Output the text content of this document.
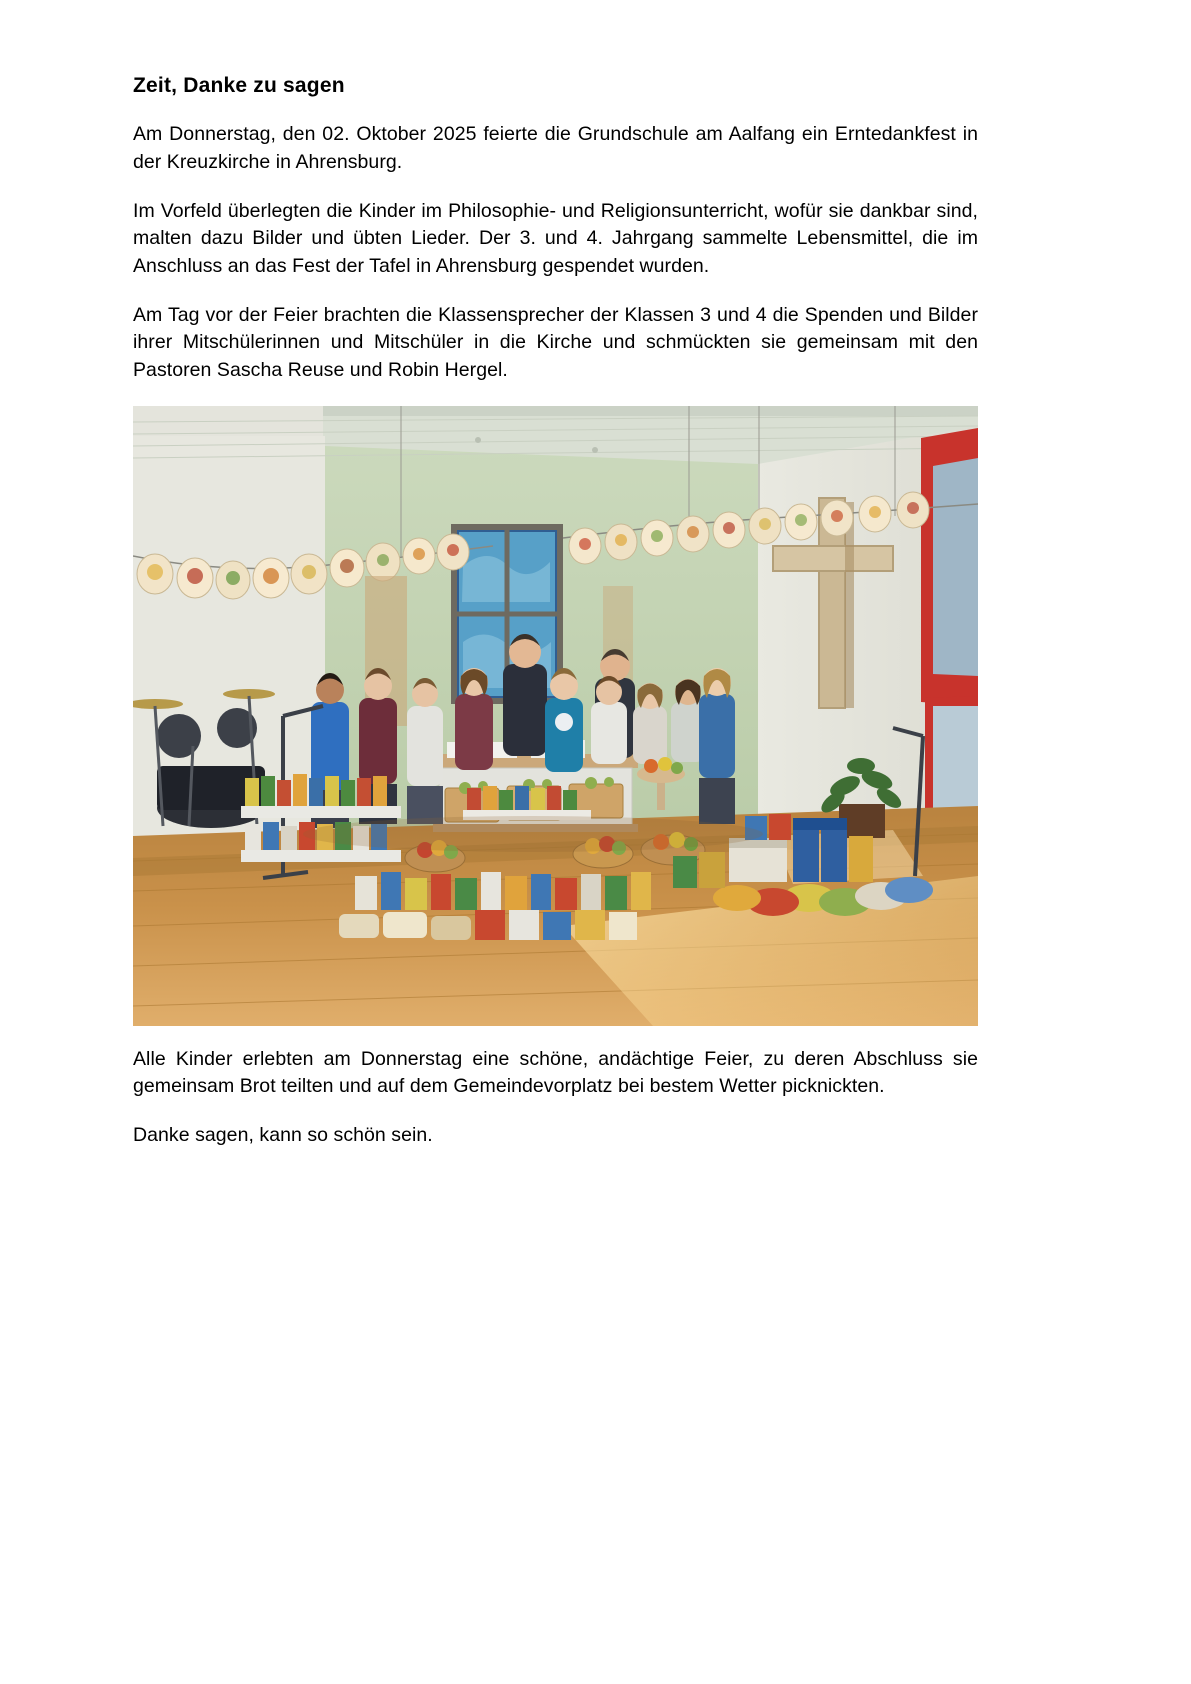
Zeit, Danke zu sagen

Am Donnerstag, den 02. Oktober 2025 feierte die Grundschule am Aalfang ein Erntedankfest in der Kreuzkirche in Ahrensburg.

Im Vorfeld überlegten die Kinder im Philosophie- und Religionsunterricht, wofür sie dankbar sind, malten dazu Bilder und übten Lieder. Der 3. und 4. Jahrgang sammelte Lebensmittel, die im Anschluss an das Fest der Tafel in Ahrensburg gespendet wurden.

Am Tag vor der Feier brachten die Klassensprecher der Klassen 3 und 4 die Spenden und Bilder ihrer Mitschülerinnen und Mitschüler in die Kirche und schmückten sie gemeinsam mit den Pastoren Sascha Reuse und Robin Hergel.

Alle Kinder erlebten am Donnerstag eine schöne, andächtige Feier, zu deren Abschluss sie gemeinsam Brot teilten und auf dem Gemeindevorplatz bei bestem Wetter picknickten.

Danke sagen, kann so schön sein.
